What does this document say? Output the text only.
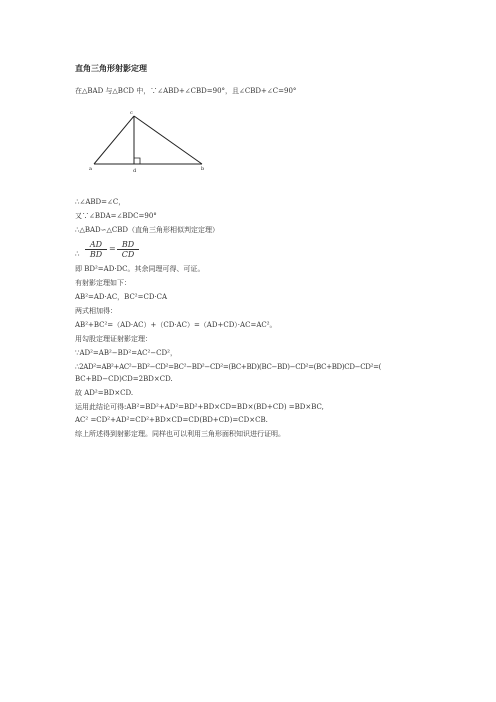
直角三角形射影定理
在△BAD 与△BCD 中，∵∠ABD+∠CBD=90°，且∠CBD+∠C=90°
c
a	d	b
∴∠ABD=∠C，
又∵∠BDA=∠BDC=90°
∴△BAD∽△CBD（直角三角形相似判定定理）
∴ $\frac{AD}{BD} = \frac{BD}{CD}$
即 BD²=AD·DC。其余同理可得、可证。
有射影定理如下：
AB²=AD·AC，BC²=CD·CA
两式相加得：
AB²+BC²=（AD·AC）+（CD·AC）=（AD+CD）·AC=AC²。
用勾股定理证射影定理：
∵AD²=AB²−BD²=AC²−CD²，
∴2AD²=AB²+AC²−BD²−CD²=BC²−BD²−CD²=(BC+BD)(BC−BD)−CD²=(BC+BD)CD−CD²=(
BC+BD−CD)CD=2BD×CD.
故 AD²=BD×CD.
运用此结论可得:AB²=BD²+AD²=BD²+BD×CD=BD×(BD+CD) =BD×BC,
AC² =CD²+AD²=CD²+BD×CD=CD(BD+CD)=CD×CB.
综上所述得到射影定理。同样也可以利用三角形面积知识进行证明。
